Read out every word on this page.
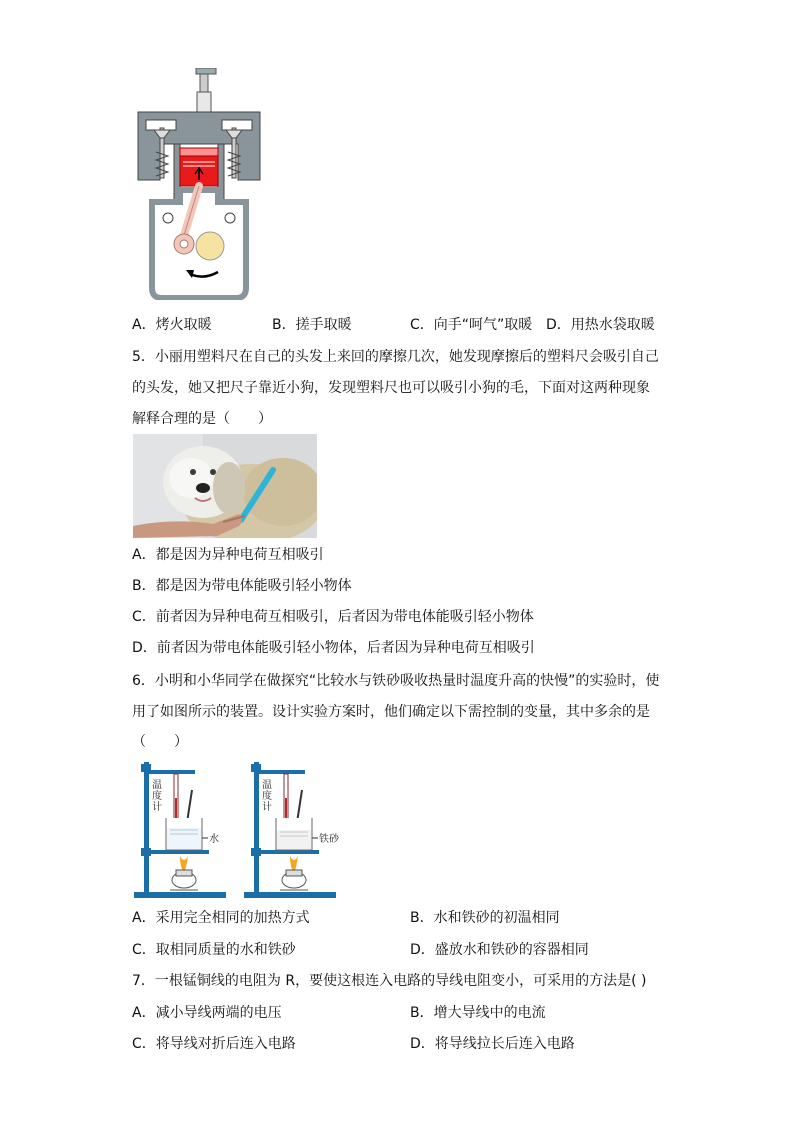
A．烤火取暖	B．搓手取暖	C．向手“呵气”取暖 D．用热水袋取暖
5．小丽用塑料尺在自己的头发上来回的摩擦几次，她发现摩擦后的塑料尺会吸引自己
的头发，她又把尺子靠近小狗，发现塑料尺也可以吸引小狗的毛，下面对这两种现象
解释合理的是（　　）
A．都是因为异种电荷互相吸引
B．都是因为带电体能吸引轻小物体
C．前者因为异种电荷互相吸引，后者因为带电体能吸引轻小物体
D．前者因为带电体能吸引轻小物体，后者因为异种电荷互相吸引
6．小明和小华同学在做探究“比较水与铁砂吸收热量时温度升高的快慢”的实验时，使
用了如图所示的装置。设计实验方案时，他们确定以下需控制的变量，其中多余的是
（　　）
温
度
计
水
温
度
计
铁砂
A．采用完全相同的加热方式	B．水和铁砂的初温相同
C．取相同质量的水和铁砂	D．盛放水和铁砂的容器相同
7．一根锰铜线的电阻为 R，要使这根连入电路的导线电阻变小，可采用的方法是( )
A．减小导线两端的电压	B．增大导线中的电流
C．将导线对折后连入电路	D．将导线拉长后连入电路
